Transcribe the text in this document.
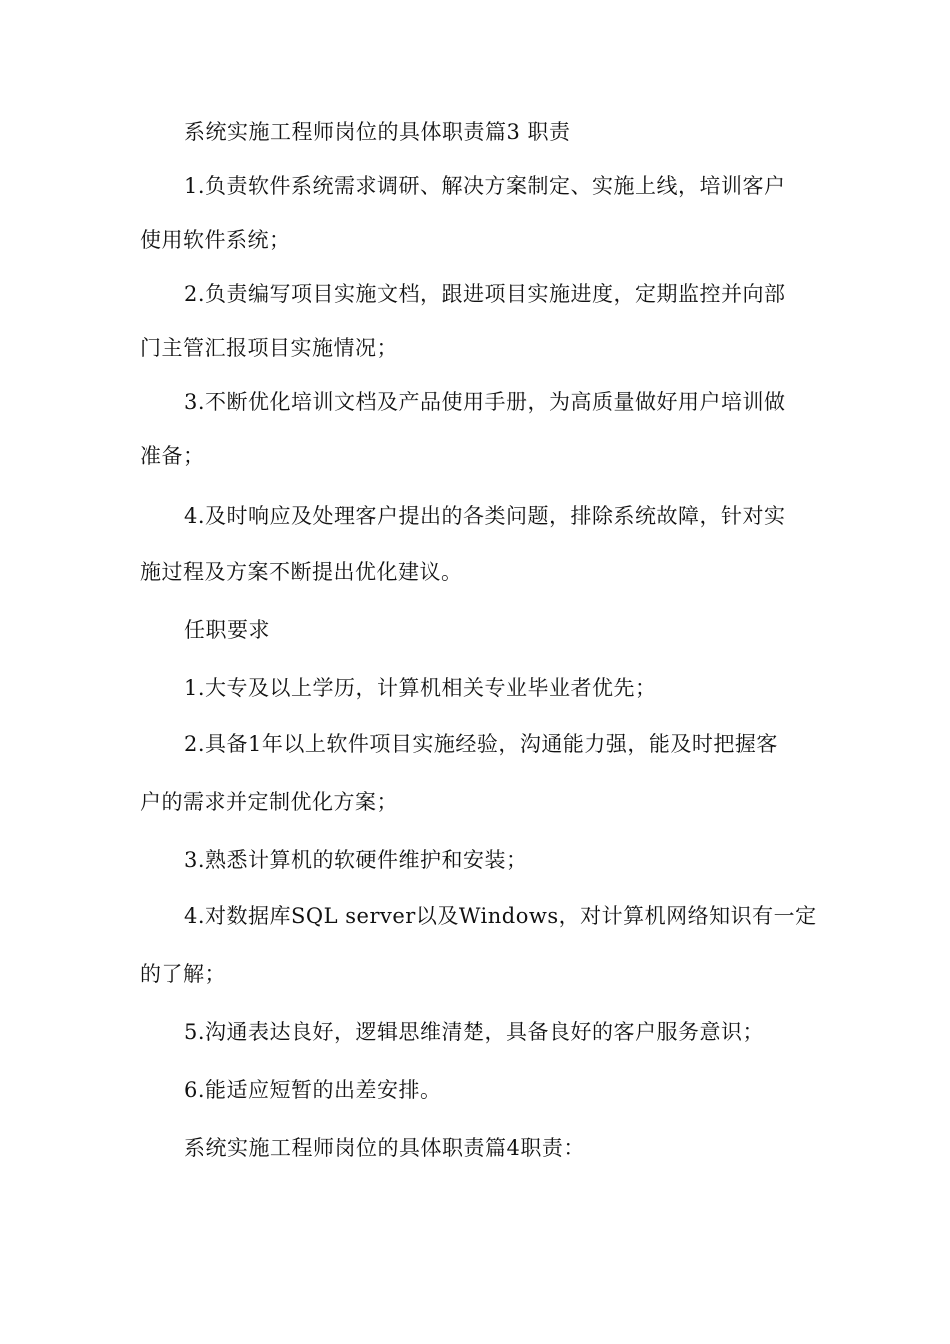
系统实施工程师岗位的具体职责篇3 职责
1.负责软件系统需求调研、解决方案制定、实施上线，培训客户
使用软件系统；
2.负责编写项目实施文档，跟进项目实施进度，定期监控并向部
门主管汇报项目实施情况；
3.不断优化培训文档及产品使用手册，为高质量做好用户培训做
准备；
4.及时响应及处理客户提出的各类问题，排除系统故障，针对实
施过程及方案不断提出优化建议。
任职要求
1.大专及以上学历，计算机相关专业毕业者优先；
2.具备1年以上软件项目实施经验，沟通能力强，能及时把握客
户的需求并定制优化方案；
3.熟悉计算机的软硬件维护和安装；
4.对数据库SQL server以及Windows，对计算机网络知识有一定
的了解；
5.沟通表达良好，逻辑思维清楚，具备良好的客户服务意识；
6.能适应短暂的出差安排。
系统实施工程师岗位的具体职责篇4职责：
